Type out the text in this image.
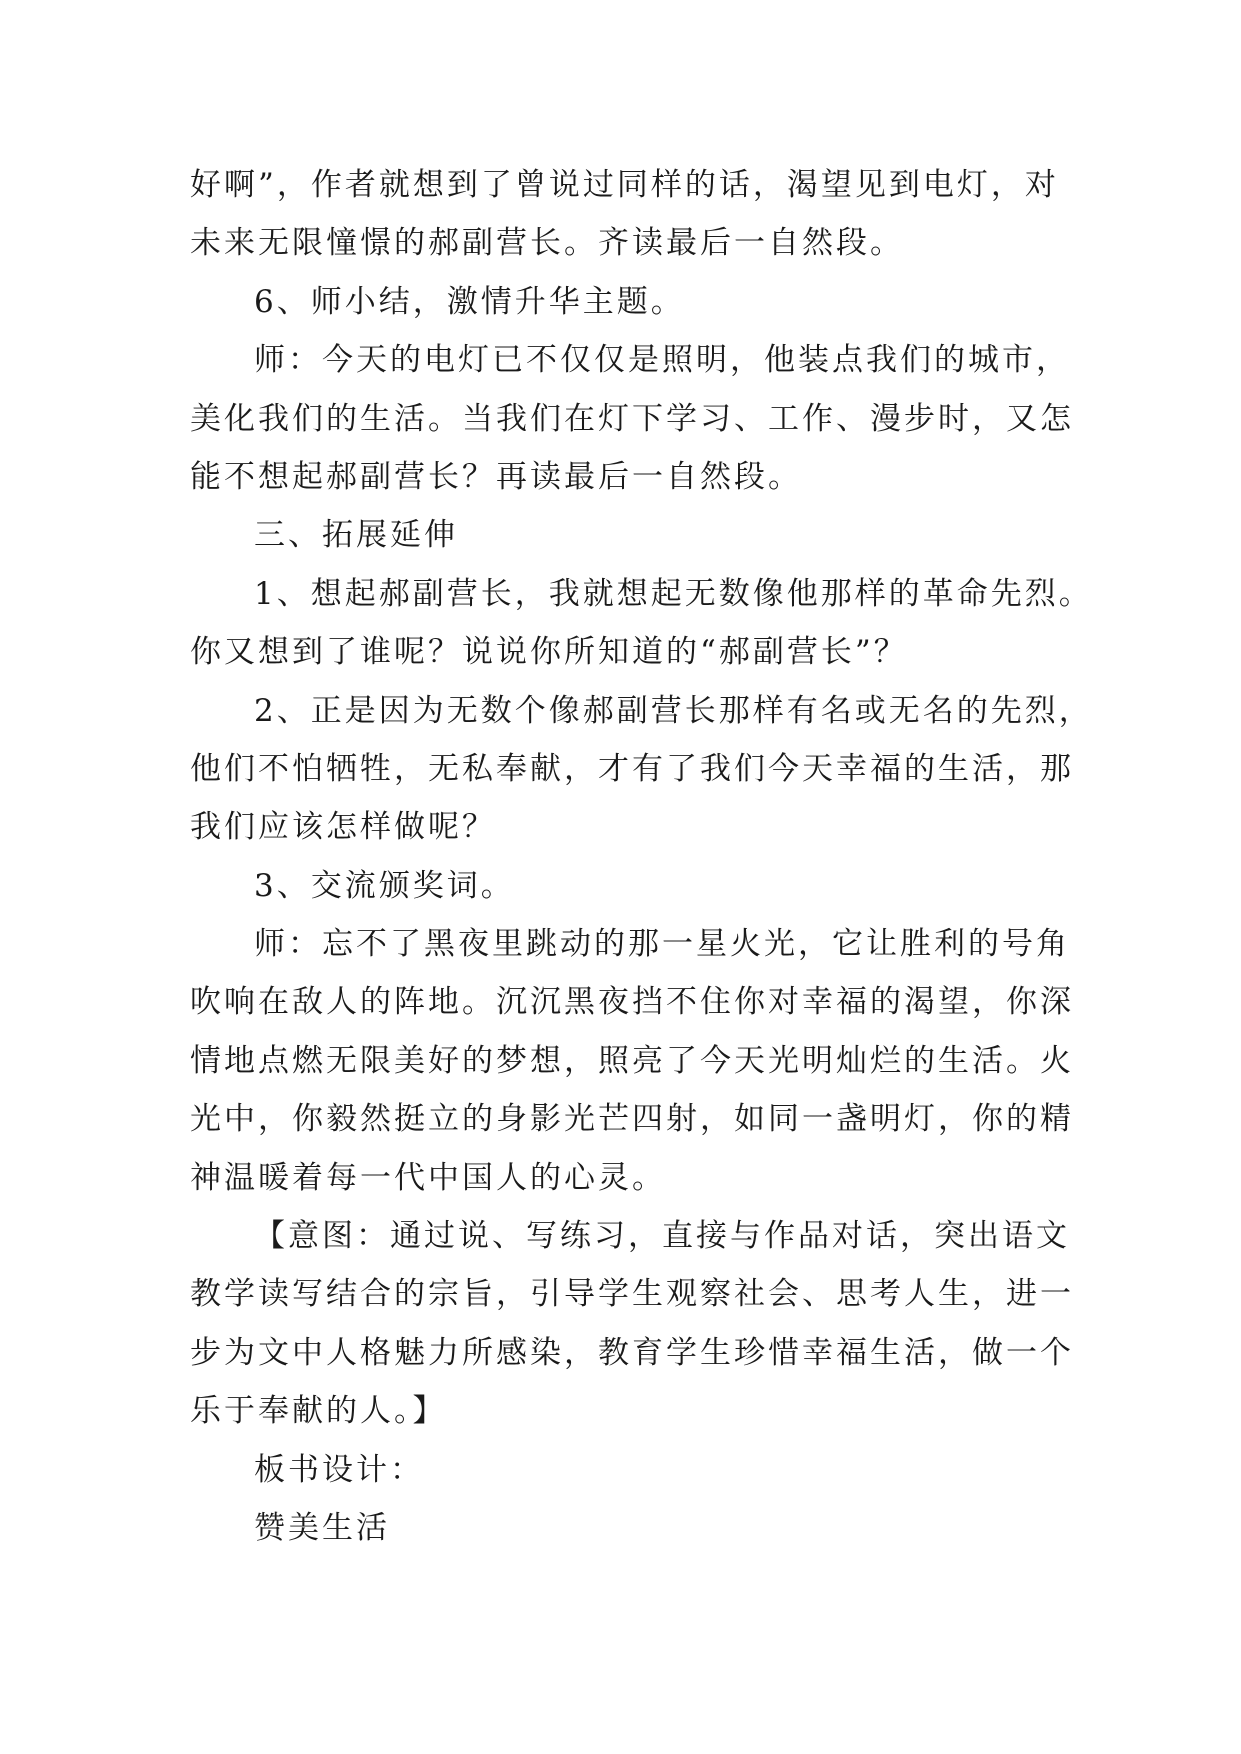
好啊”，作者就想到了曾说过同样的话，渴望见到电灯，对
未来无限憧憬的郝副营长。齐读最后一自然段。
6、师小结，激情升华主题。
师：今天的电灯已不仅仅是照明，他装点我们的城市，
美化我们的生活。当我们在灯下学习、工作、漫步时，又怎
能不想起郝副营长？再读最后一自然段。
三、拓展延伸
1、想起郝副营长，我就想起无数像他那样的革命先烈。
你又想到了谁呢？说说你所知道的“郝副营长”？
2、正是因为无数个像郝副营长那样有名或无名的先烈，
他们不怕牺牲，无私奉献，才有了我们今天幸福的生活，那
我们应该怎样做呢？
3、交流颁奖词。
师：忘不了黑夜里跳动的那一星火光，它让胜利的号角
吹响在敌人的阵地。沉沉黑夜挡不住你对幸福的渴望，你深
情地点燃无限美好的梦想，照亮了今天光明灿烂的生活。火
光中，你毅然挺立的身影光芒四射，如同一盏明灯，你的精
神温暖着每一代中国人的心灵。
【意图：通过说、写练习，直接与作品对话，突出语文
教学读写结合的宗旨，引导学生观察社会、思考人生，进一
步为文中人格魅力所感染，教育学生珍惜幸福生活，做一个
乐于奉献的人。】
板书设计：
赞美生活
